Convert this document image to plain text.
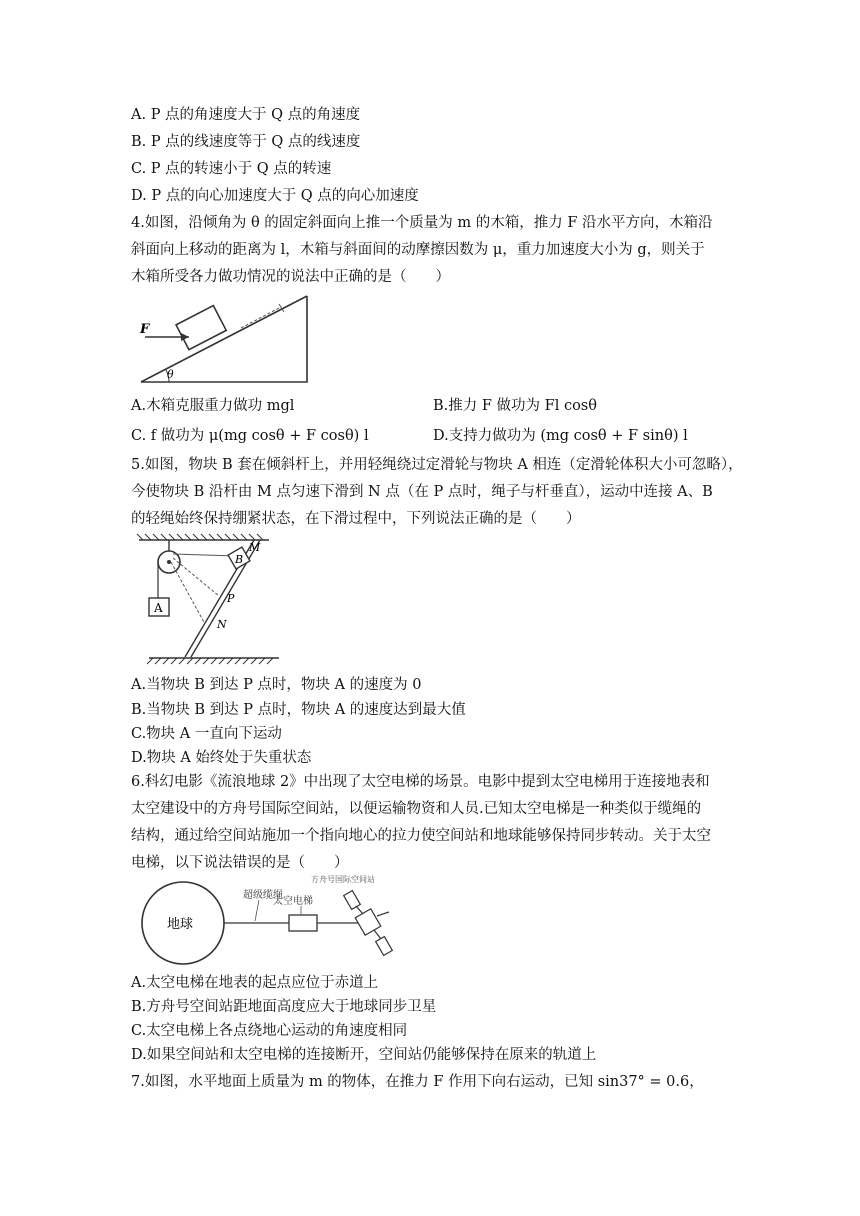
A. P 点的角速度大于 Q 点的角速度
B. P 点的线速度等于 Q 点的线速度
C. P 点的转速小于 Q 点的转速
D. P 点的向心加速度大于 Q 点的向心加速度
4.如图，沿倾角为 θ 的固定斜面向上推一个质量为 m 的木箱，推力 F 沿水平方向，木箱沿
斜面向上移动的距离为 l，木箱与斜面间的动摩擦因数为 μ，重力加速度大小为 g，则关于
木箱所受各力做功情况的说法中正确的是（　　）
F
θ
A.木箱克服重力做功 mgl	B.推力 F 做功为 Fl cosθ
C. f 做功为 μ(mg cosθ + F cosθ) l	D.支持力做功为 (mg cosθ + F sinθ) l
5.如图，物块 B 套在倾斜杆上，并用轻绳绕过定滑轮与物块 A 相连（定滑轮体积大小可忽略），
今使物块 B 沿杆由 M 点匀速下滑到 N 点（在 P 点时，绳子与杆垂直），运动中连接 A、B
的轻绳始终保持绷紧状态，在下滑过程中，下列说法正确的是（　　）
A
B
M
P
N
A.当物块 B 到达 P 点时，物块 A 的速度为 0
B.当物块 B 到达 P 点时，物块 A 的速度达到最大值
C.物块 A 一直向下运动
D.物块 A 始终处于失重状态
6.科幻电影《流浪地球 2》中出现了太空电梯的场景。电影中提到太空电梯用于连接地表和
太空建设中的方舟号国际空间站，以便运输物资和人员.已知太空电梯是一种类似于缆绳的
结构，通过给空间站施加一个指向地心的拉力使空间站和地球能够保持同步转动。关于太空
电梯，以下说法错误的是（　　）
地球
超级缆绳
太空电梯
方舟号国际空间站
A.太空电梯在地表的起点应位于赤道上
B.方舟号空间站距地面高度应大于地球同步卫星
C.太空电梯上各点绕地心运动的角速度相同
D.如果空间站和太空电梯的连接断开，空间站仍能够保持在原来的轨道上
7.如图，水平地面上质量为 m 的物体，在推力 F 作用下向右运动，已知 sin37° = 0.6，
